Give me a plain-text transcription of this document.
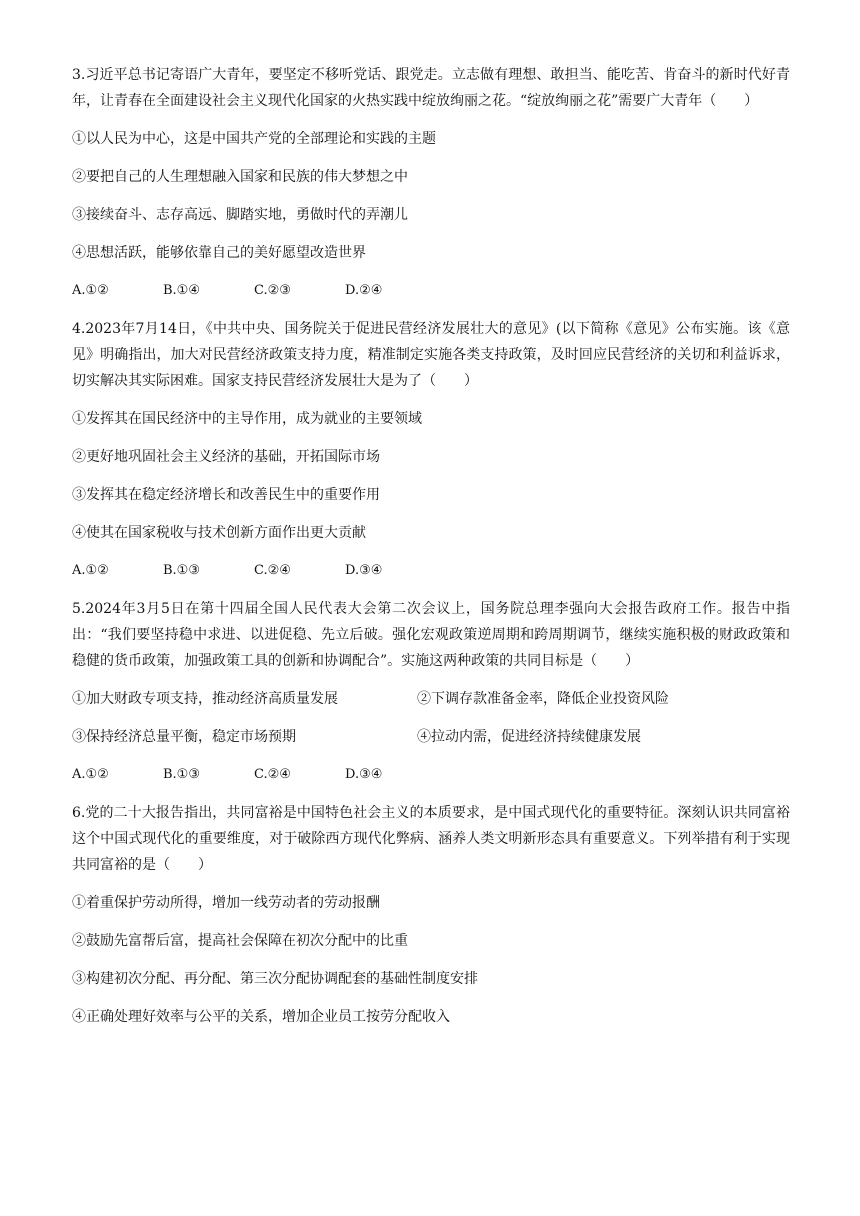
3.习近平总书记寄语广大青年，要坚定不移听党话、跟党走。立志做有理想、敢担当、能吃苦、肯奋斗的新时代好青年，让青春在全面建设社会主义现代化国家的火热实践中绽放绚丽之花。“绽放绚丽之花”需要广大青年（　　）

①以人民为中心，这是中国共产党的全部理论和实践的主题

②要把自己的人生理想融入国家和民族的伟大梦想之中

③接续奋斗、志存高远、脚踏实地，勇做时代的弄潮儿

④思想活跃，能够依靠自己的美好愿望改造世界

A.①②	B.①④	C.②③	D.②④

4.2023年7月14日，《中共中央、国务院关于促进民营经济发展壮大的意见》(以下简称《意见》公布实施。该《意见》明确指出，加大对民营经济政策支持力度，精准制定实施各类支持政策，及时回应民营经济的关切和利益诉求，切实解决其实际困难。国家支持民营经济发展壮大是为了（　　）

①发挥其在国民经济中的主导作用，成为就业的主要领域

②更好地巩固社会主义经济的基础，开拓国际市场

③发挥其在稳定经济增长和改善民生中的重要作用

④使其在国家税收与技术创新方面作出更大贡献

A.①②	B.①③	C.②④	D.③④

5.2024年3月5日在第十四届全国人民代表大会第二次会议上，国务院总理李强向大会报告政府工作。报告中指出：“我们要坚持稳中求进、以进促稳、先立后破。强化宏观政策逆周期和跨周期调节，继续实施积极的财政政策和稳健的货币政策，加强政策工具的创新和协调配合”。实施这两种政策的共同目标是（　　）

①加大财政专项支持，推动经济高质量发展	②下调存款准备金率，降低企业投资风险
③保持经济总量平衡，稳定市场预期	④拉动内需，促进经济持续健康发展
A.①②	B.①③	C.②④	D.③④

6.党的二十大报告指出，共同富裕是中国特色社会主义的本质要求，是中国式现代化的重要特征。深刻认识共同富裕这个中国式现代化的重要维度，对于破除西方现代化弊病、涵养人类文明新形态具有重要意义。下列举措有利于实现共同富裕的是（　　）

①着重保护劳动所得，增加一线劳动者的劳动报酬

②鼓励先富帮后富，提高社会保障在初次分配中的比重

③构建初次分配、再分配、第三次分配协调配套的基础性制度安排

④正确处理好效率与公平的关系，增加企业员工按劳分配收入
